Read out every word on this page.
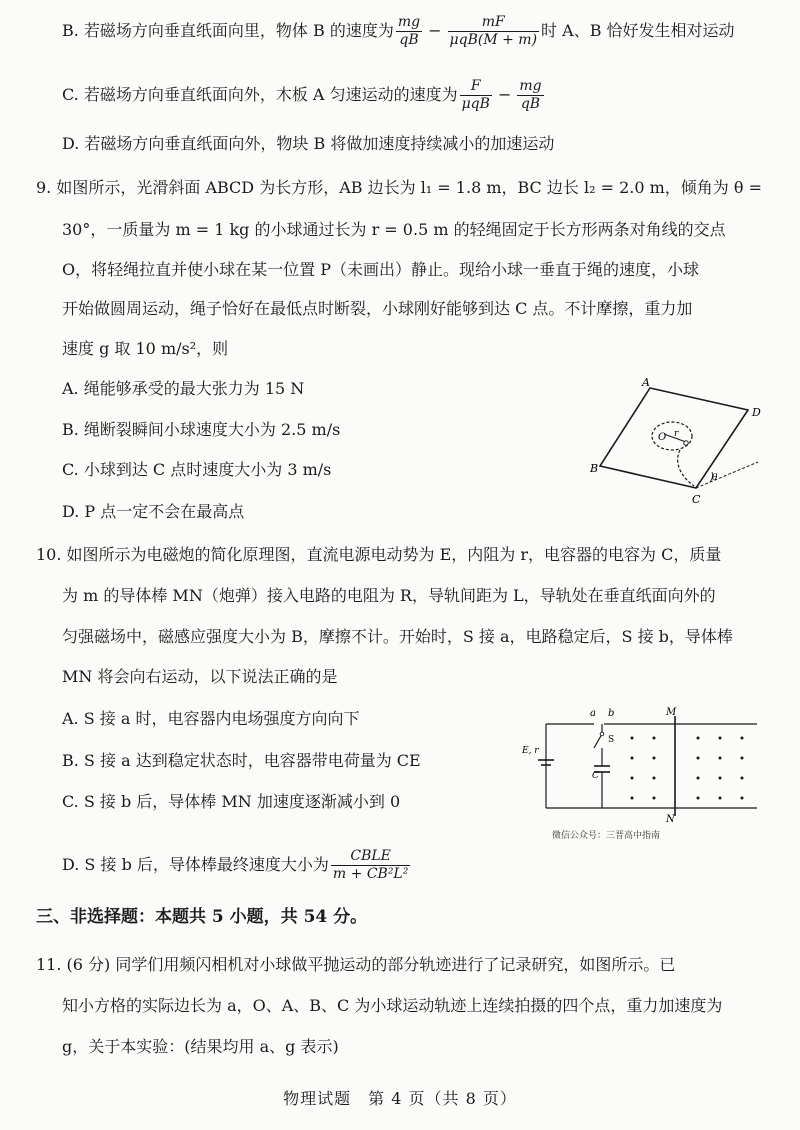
B. 若磁场方向垂直纸面向里，物体 B 的速度为 $\frac{mg}{qB} - \frac{mF}{\text{μqB(M + m)}}$ 时 A、B 恰好发生相对运动
C. 若磁场方向垂直纸面向外，木板 A 匀速运动的速度为 $\frac{F}{\text{μqB}} - \frac{mg}{qB}$
D. 若磁场方向垂直纸面向外，物块 B 将做加速度持续减小的加速运动
9. 如图所示，光滑斜面 ABCD 为长方形，AB 边长为 l₁ = 1.8 m，BC 边长 l₂ = 2.0 m，倾角为 θ =
30°，一质量为 m = 1 kg 的小球通过长为 r = 0.5 m 的轻绳固定于长方形两条对角线的交点
O，将轻绳拉直并使小球在某一位置 P（未画出）静止。现给小球一垂直于绳的速度，小球
开始做圆周运动，绳子恰好在最低点时断裂，小球刚好能够到达 C 点。不计摩擦，重力加
速度 g 取 10 m/s²，则
A. 绳能够承受的最大张力为 15 N
B. 绳断裂瞬间小球速度大小为 2.5 m/s
C. 小球到达 C 点时速度大小为 3 m/s
D. P 点一定不会在最高点
A
D
B
C
O r
θ
10. 如图所示为电磁炮的简化原理图，直流电源电动势为 E，内阻为 r，电容器的电容为 C，质量
为 m 的导体棒 MN（炮弹）接入电路的电阻为 R，导轨间距为 L，导轨处在垂直纸面向外的
匀强磁场中，磁感应强度大小为 B，摩擦不计。开始时，S 接 a，电路稳定后，S 接 b，导体棒
MN 将会向右运动，以下说法正确的是
A. S 接 a 时，电容器内电场强度方向向下
B. S 接 a 达到稳定状态时，电容器带电荷量为 CE
C. S 接 b 后，导体棒 MN 加速度逐渐减小到 0
D. S 接 b 后，导体棒最终速度大小为 $\frac{\text{CBLE}}{\text{m + CB²L²}}$
a b	M
N
S
E, r
C
微信公众号：三晋高中指南
三、非选择题：本题共 5 小题，共 54 分。
11. (6 分) 同学们用频闪相机对小球做平抛运动的部分轨迹进行了记录研究，如图所示。已
知小方格的实际边长为 a，O、A、B、C 为小球运动轨迹上连续拍摄的四个点，重力加速度为
g，关于本实验：(结果均用 a、g 表示)
物理试题　第 4 页（共 8 页）
